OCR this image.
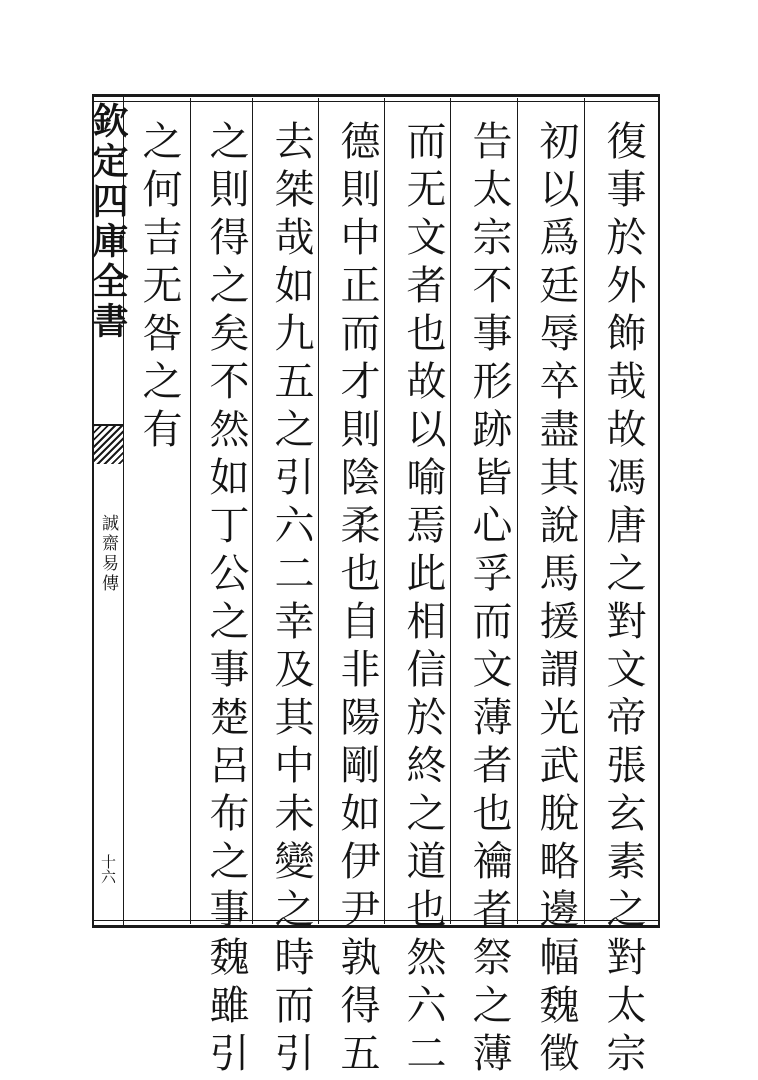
欽定四庫全書
誠齋易傳
十六	復事於外飾哉故馮唐之對文帝張玄素之對太宗
初以爲廷辱卒盡其說馬援謂光武脫略邊幅魏徵
告太宗不事形跡皆心孚而文薄者也禴者祭之薄
而无文者也故以喻焉此相信於終之道也然六二
德則中正而才則陰柔也自非陽剛如伊尹孰得五
去桀哉如九五之引六二幸及其中未變之時而引
之則得之矣不然如丁公之事楚呂布之事魏雖引
之何吉无咎之有
